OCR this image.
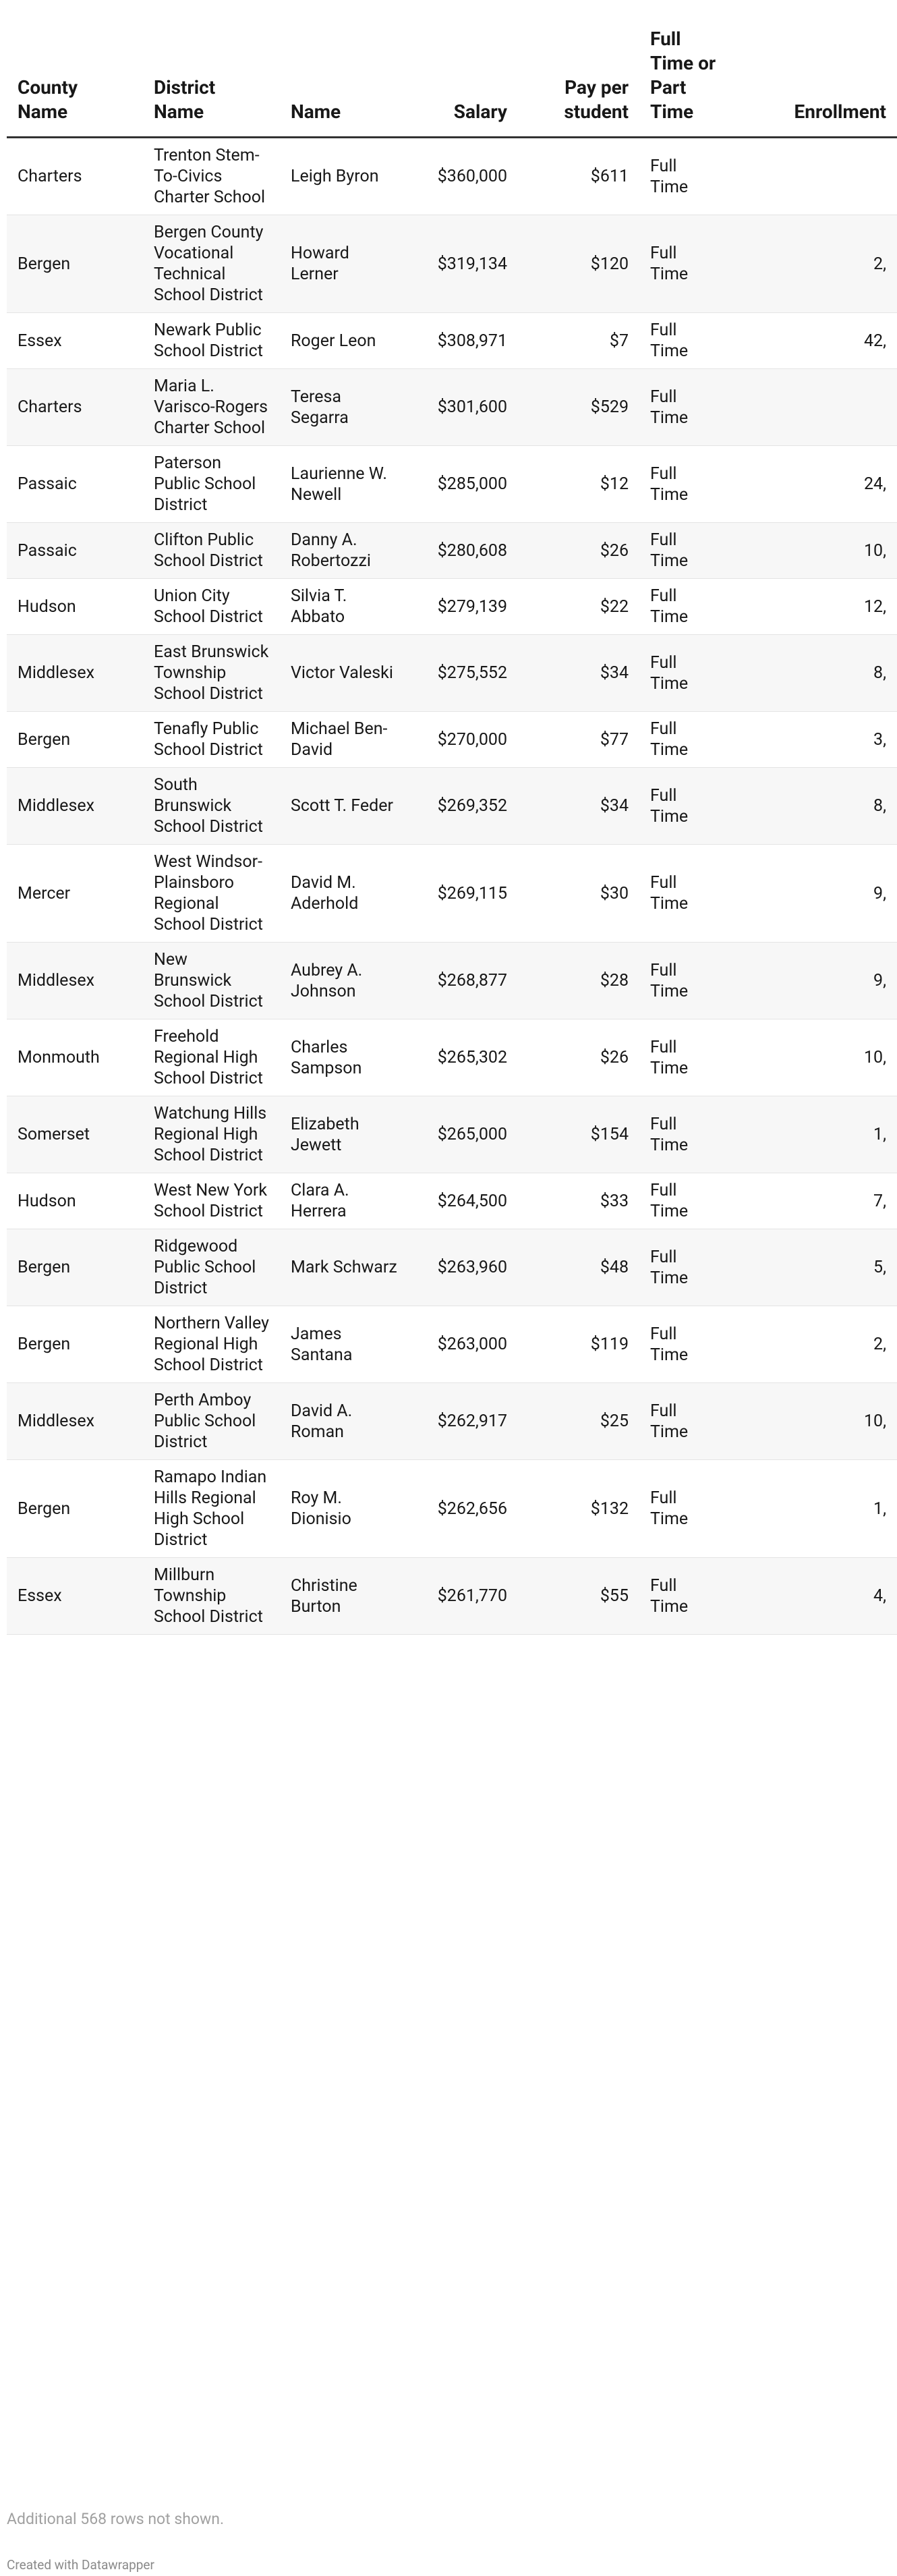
County Name	District Name	Name	Salary	Pay per student	Full Time or Part Time	Enrollment
Charters	Trenton Stem-To-Civics Charter School	Leigh Byron	$360,000	$611	Full Time	
Bergen	Bergen County Vocational Technical School District	Howard Lerner	$319,134	$120	Full Time	2,
Essex	Newark Public School District	Roger Leon	$308,971	$7	Full Time	42,
Charters	Maria L. Varisco-Rogers Charter School	Teresa Segarra	$301,600	$529	Full Time	
Passaic	Paterson Public School District	Laurienne W. Newell	$285,000	$12	Full Time	24,
Passaic	Clifton Public School District	Danny A. Robertozzi	$280,608	$26	Full Time	10,
Hudson	Union City School District	Silvia T. Abbato	$279,139	$22	Full Time	12,
Middlesex	East Brunswick Township School District	Victor Valeski	$275,552	$34	Full Time	8,
Bergen	Tenafly Public School District	Michael Ben-David	$270,000	$77	Full Time	3,
Middlesex	South Brunswick School District	Scott T. Feder	$269,352	$34	Full Time	8,
Mercer	West Windsor-Plainsboro Regional School District	David M. Aderhold	$269,115	$30	Full Time	9,
Middlesex	New Brunswick School District	Aubrey A. Johnson	$268,877	$28	Full Time	9,
Monmouth	Freehold Regional High School District	Charles Sampson	$265,302	$26	Full Time	10,
Somerset	Watchung Hills Regional High School District	Elizabeth Jewett	$265,000	$154	Full Time	1,
Hudson	West New York School District	Clara A. Herrera	$264,500	$33	Full Time	7,
Bergen	Ridgewood Public School District	Mark Schwarz	$263,960	$48	Full Time	5,
Bergen	Northern Valley Regional High School District	James Santana	$263,000	$119	Full Time	2,
Middlesex	Perth Amboy Public School District	David A. Roman	$262,917	$25	Full Time	10,
Bergen	Ramapo Indian Hills Regional High School District	Roy M. Dionisio	$262,656	$132	Full Time	1,
Essex	Millburn Township School District	Christine Burton	$261,770	$55	Full Time	4,
Additional 568 rows not shown.
Created with Datawrapper
